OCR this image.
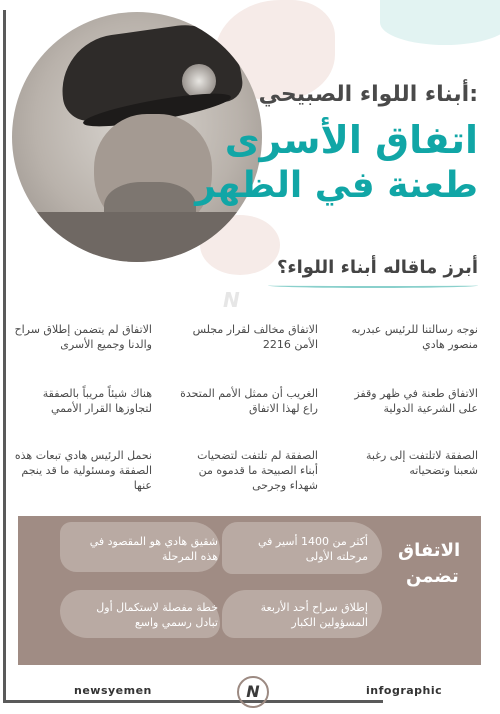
أبناء اللواء الصبيحي:
اتفاق الأسرى
طعنة في الظهر
أبرز ماقاله أبناء اللواء؟
N
نوجه رسالتنا للرئيس عبدربه منصور هادي
الاتفاق مخالف لقرار مجلس الأمن 2216
الاتفاق لم يتضمن إطلاق سراح والدنا وجميع الأسرى
الاتفاق طعنة في ظهر وقفز على الشرعية الدولية
الغريب أن ممثل الأمم المتحدة راع لهذا الاتفاق
هناك شيئاً مريباً بالصفقة لتجاوزها القرار الأممي
الصفقة لاتلتفت إلى رغبة شعبنا وتضحياته
الصفقة لم تلتفت لتضحيات أبناء الصبيحة ما قدموه من شهداء وجرحى
نحمل الرئيس هادي تبعات هذه الصفقة ومسئولية ما قد ينجم عنها
الاتفاق
تضمن
أكثر من 1400 أسير في مرحلته الأولى
شقيق هادي هو المقصود في هذه المرحلة
إطلاق سراح أحد الأربعة المسؤولين الكبار
خطة مفصلة لاستكمال أول تبادل رسمي واسع
newsyemen	N	infographic
